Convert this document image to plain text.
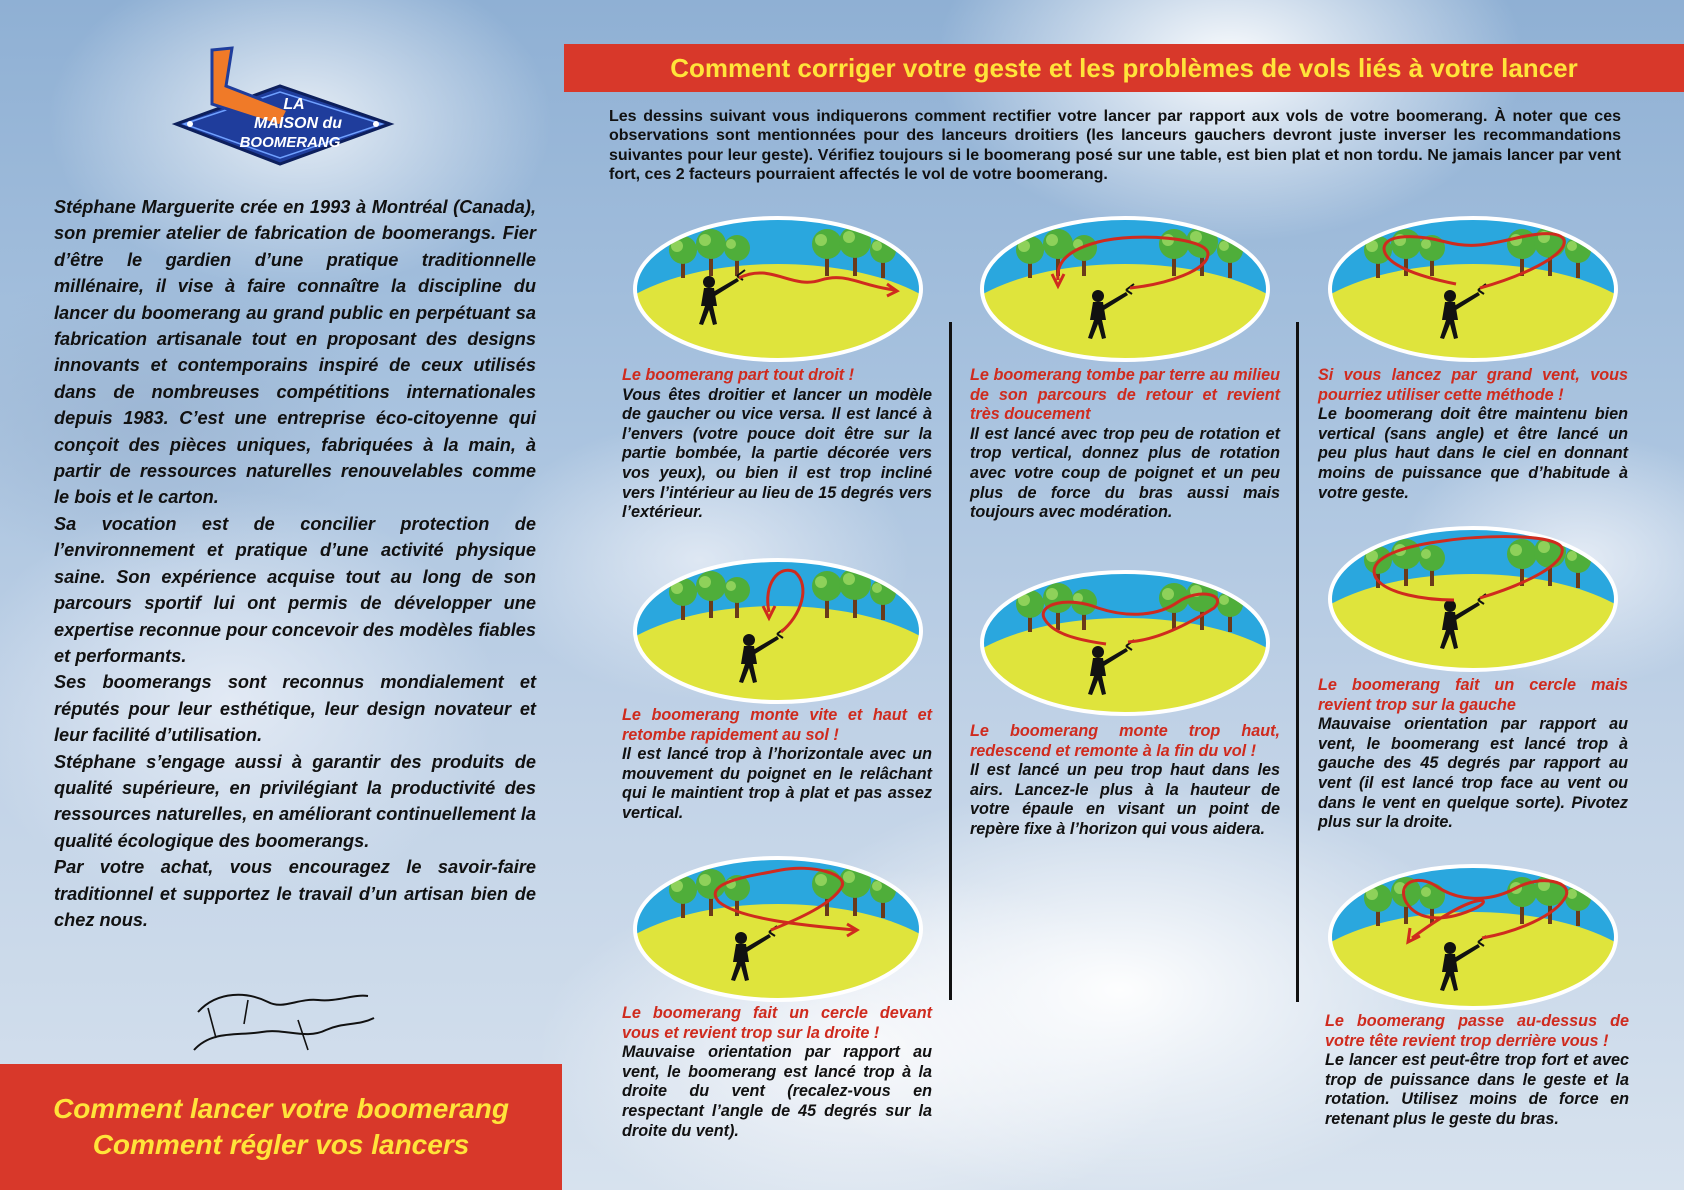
LA
MAISON du
BOOMERANG

Stéphane Marguerite crée en 1993 à Montréal (Canada), son premier atelier de fabrication de boomerangs. Fier d’être le gardien d’une pratique traditionnelle millénaire, il vise à faire connaître la discipline du lancer du boomerang au grand public en perpétuant sa fabrication artisanale tout en proposant des designs innovants et contemporains inspiré de ceux utilisés dans de nombreuses compétitions internationales depuis 1983. C’est une entreprise éco-citoyenne qui conçoit des pièces uniques, fabriquées à la main, à partir de ressources naturelles renouvelables comme le bois et le carton.

Sa vocation est de concilier protection de l’environnement et pratique d’une activité physique saine. Son expérience acquise tout au long de son parcours sportif lui ont permis de développer une expertise reconnue pour concevoir des modèles fiables et performants.

Ses boomerangs sont reconnus mondialement et réputés pour leur esthétique, leur design novateur et leur facilité d’utilisation.

Stéphane s’engage aussi à garantir des produits de qualité supérieure, en privilégiant la productivité des ressources naturelles, en améliorant continuellement la qualité écologique des boomerangs.

Par votre achat, vous encouragez le savoir-faire traditionnel et supportez le travail d’un artisan bien de chez nous.

Comment lancer votre boomerang
Comment régler vos lancers
Comment corriger votre geste et les problèmes de vols liés à votre lancer
Les dessins suivant vous indiquerons comment rectifier votre lancer par rapport aux vols de votre boomerang. À noter que ces observations sont mentionnées pour des lanceurs droitiers (les lanceurs gauchers devront juste inverser les recommandations suivantes pour leur geste). Vérifiez toujours si le boomerang posé sur une table, est bien plat et non tordu. Ne jamais lancer par vent fort, ces 2 facteurs pourraient affectés le vol de votre boomerang.
Le boomerang part tout droit !
Vous êtes droitier et lancer un modèle de gaucher ou vice versa. Il est lancé à l’envers (votre pouce doit être sur la partie bombée, la partie décorée vers vos yeux), ou bien il est trop incliné vers l’intérieur au lieu de 15 degrés vers l’extérieur.
Le boomerang monte vite et haut et retombe rapidement au sol !
Il est lancé trop à l’horizontale avec un mouvement du poignet en le relâchant qui le maintient trop à plat et pas assez vertical.
Le boomerang fait un cercle devant vous et revient trop sur la droite !
Mauvaise orientation par rapport au vent, le boomerang est lancé trop à la droite du vent (recalez-vous en respectant l’angle de 45 degrés sur la droite du vent).
Le boomerang tombe par terre au milieu de son parcours de retour et revient très doucement
Il est lancé avec trop peu de rotation et trop vertical, donnez plus de rotation avec votre coup de poignet et un peu plus de force du bras aussi mais toujours avec modération.
Le boomerang monte trop haut, redescend et remonte à la fin du vol !
Il est lancé un peu trop haut dans les airs. Lancez-le plus à la hauteur de votre épaule en visant un point de repère fixe à l’horizon qui vous aidera.
Si vous lancez par grand vent, vous pourriez utiliser cette méthode !
Le boomerang doit être maintenu bien vertical (sans angle) et être lancé un peu plus haut dans le ciel en donnant moins de puissance que d’habitude à votre geste.
Le boomerang fait un cercle mais revient trop sur la gauche
Mauvaise orientation par rapport au vent, le boomerang est lancé trop à gauche des 45 degrés par rapport au vent (il est lancé trop face au vent ou dans le vent en quelque sorte). Pivotez plus sur la droite.
Le boomerang passe au-dessus de votre tête revient trop derrière vous !
Le lancer est peut-être trop fort et avec trop de puissance dans le geste et la rotation. Utilisez moins de force en retenant plus le geste du bras.
